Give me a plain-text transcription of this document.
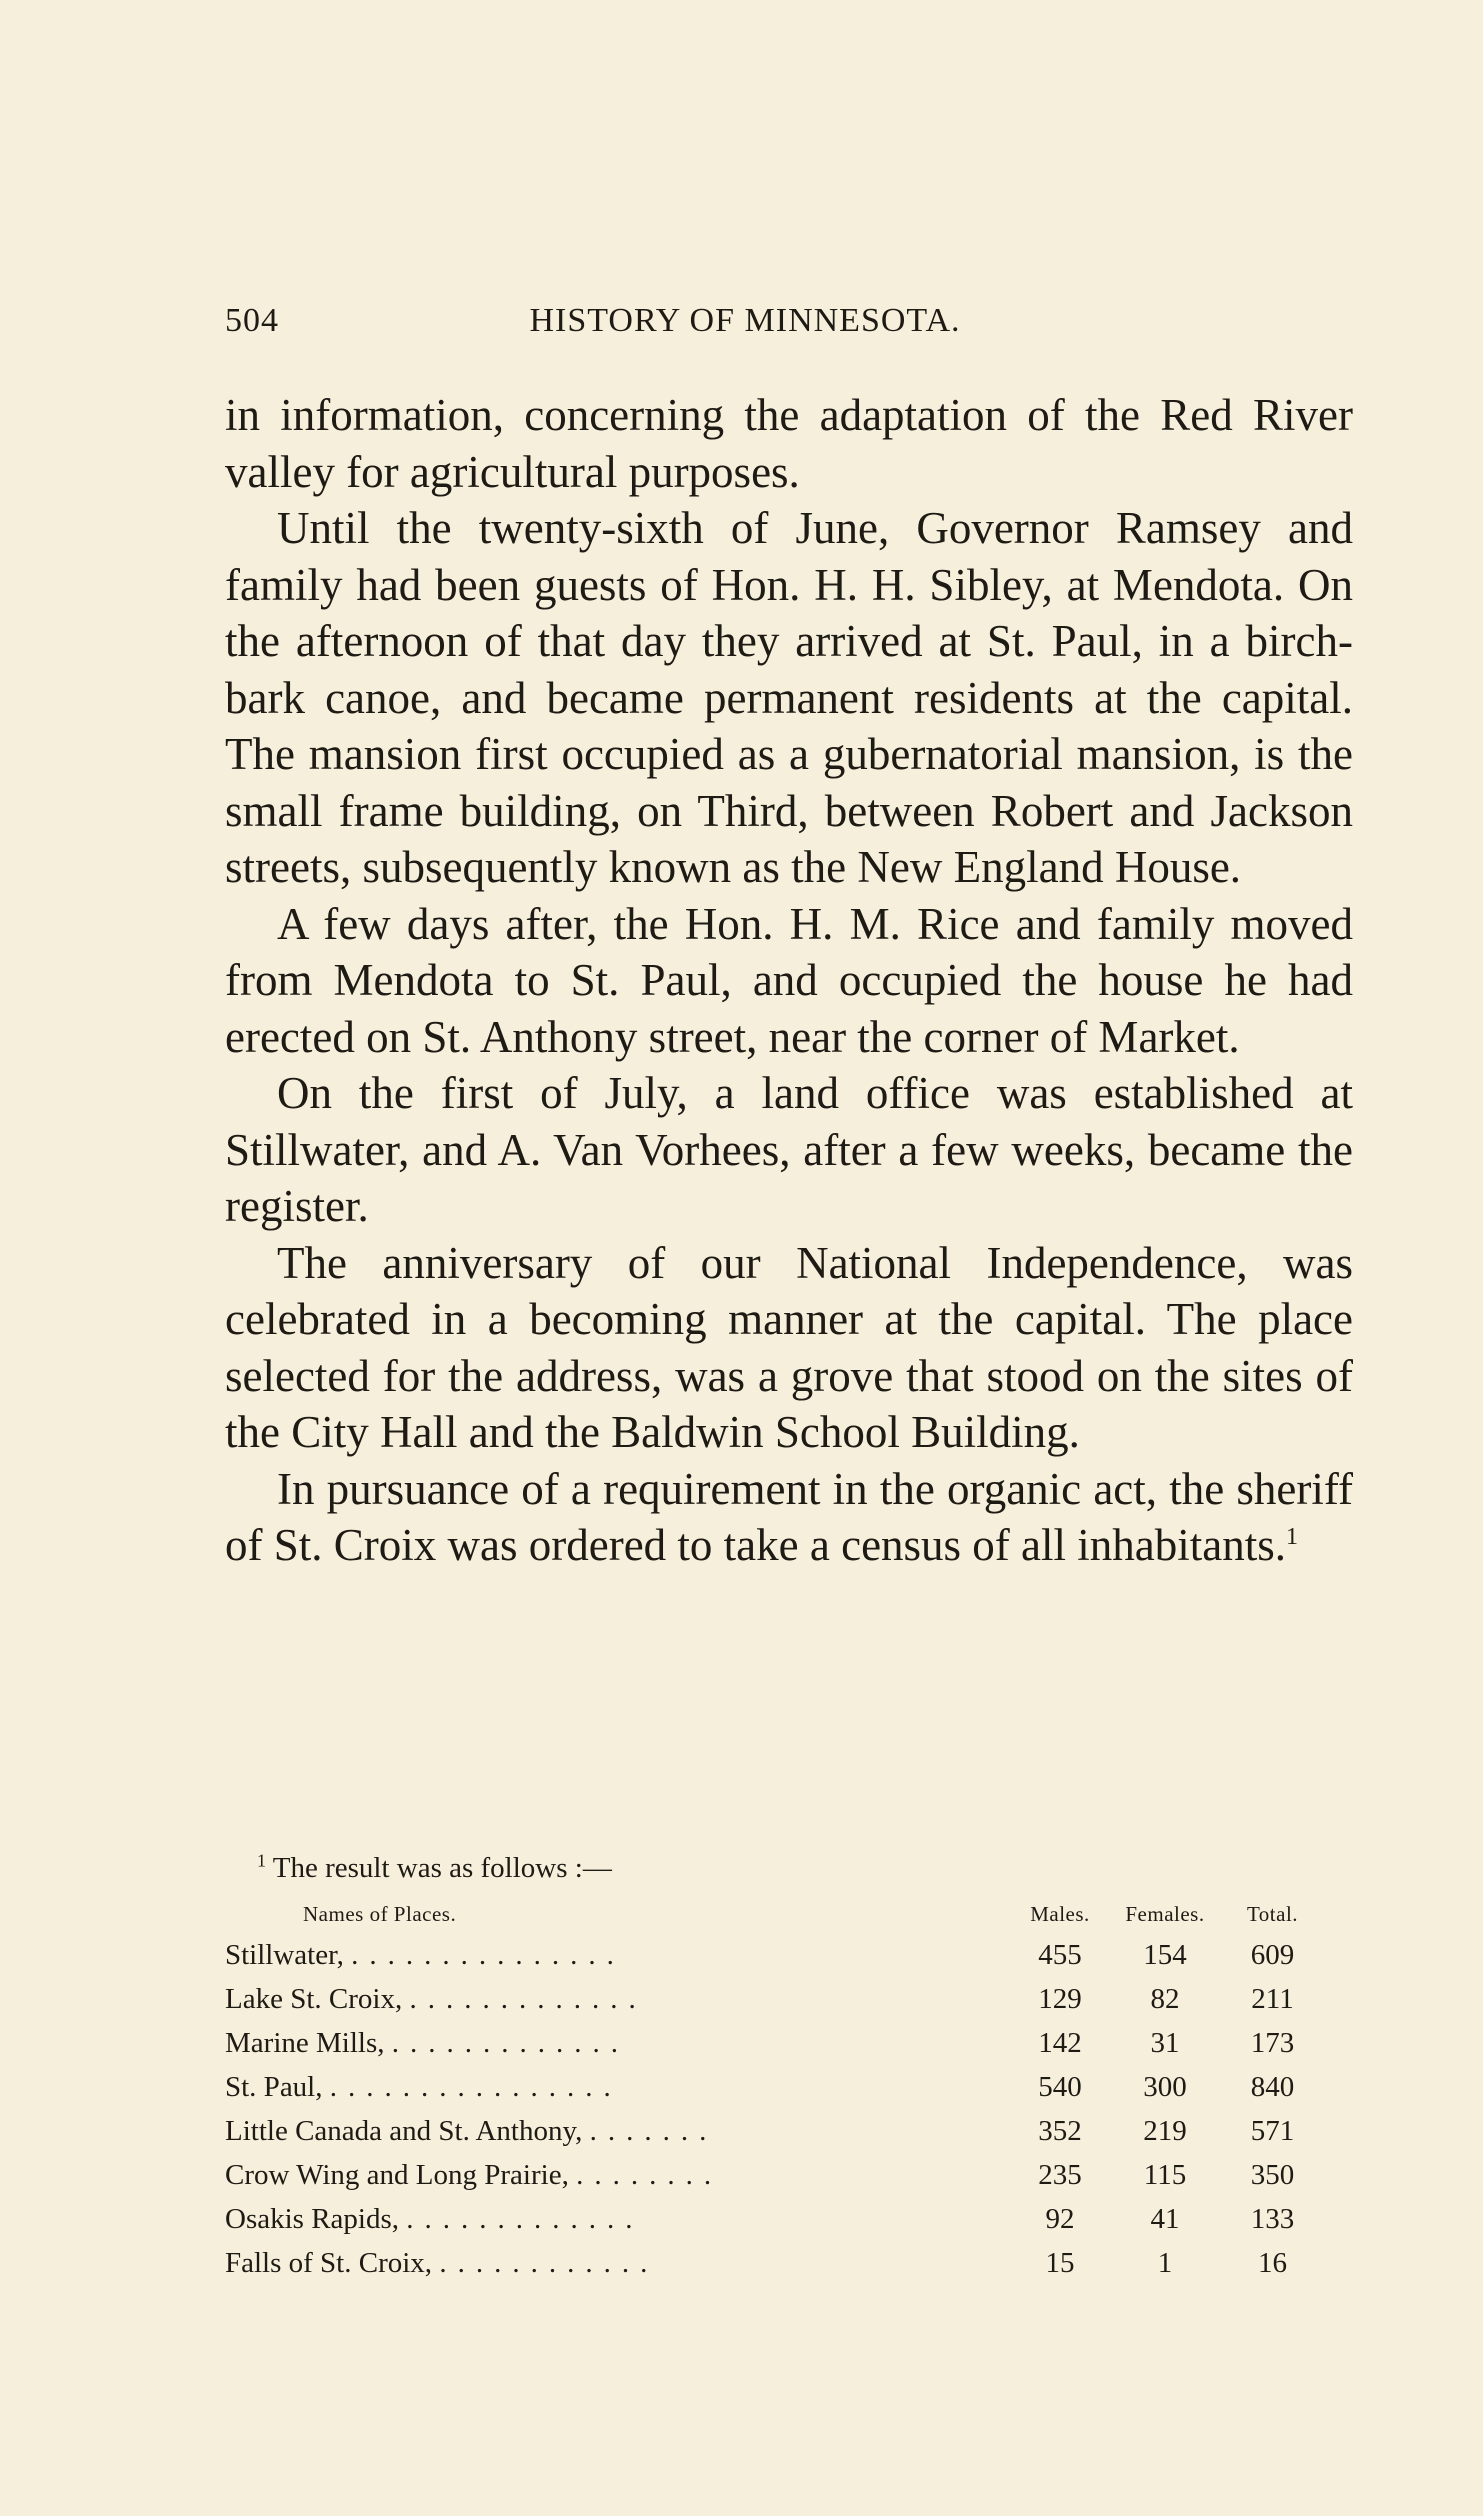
504	HISTORY OF MINNESOTA.

in information, concerning the adaptation of the Red River valley for agricultural purposes.

Until the twenty-sixth of June, Governor Ramsey and family had been guests of Hon. H. H. Sibley, at Mendota. On the afternoon of that day they arrived at St. Paul, in a birch-bark canoe, and became permanent residents at the capital. The mansion first occupied as a gubernatorial mansion, is the small frame building, on Third, between Robert and Jackson streets, subsequently known as the New England House.

A few days after, the Hon. H. M. Rice and family moved from Mendota to St. Paul, and occupied the house he had erected on St. Anthony street, near the corner of Market.

On the first of July, a land office was established at Stillwater, and A. Van Vorhees, after a few weeks, became the register.

The anniversary of our National Independence, was celebrated in a becoming manner at the capital. The place selected for the address, was a grove that stood on the sites of the City Hall and the Baldwin School Building.

In pursuance of a requirement in the organic act, the sheriff of St. Croix was ordered to take a census of all inhabitants.$^1$

$^1$ The result was as follows :—

Names of Places.	Males.	Females.	Total.
Stillwater, ...............	455	154	609
Lake St. Croix, .............	129	82	211
Marine Mills, .............	142	31	173
St. Paul, ................	540	300	840
Little Canada and St. Anthony, .......	352	219	571
Crow Wing and Long Prairie, ........	235	115	350
Osakis Rapids, .............	92	41	133
Falls of St. Croix, ............	15	1	16
